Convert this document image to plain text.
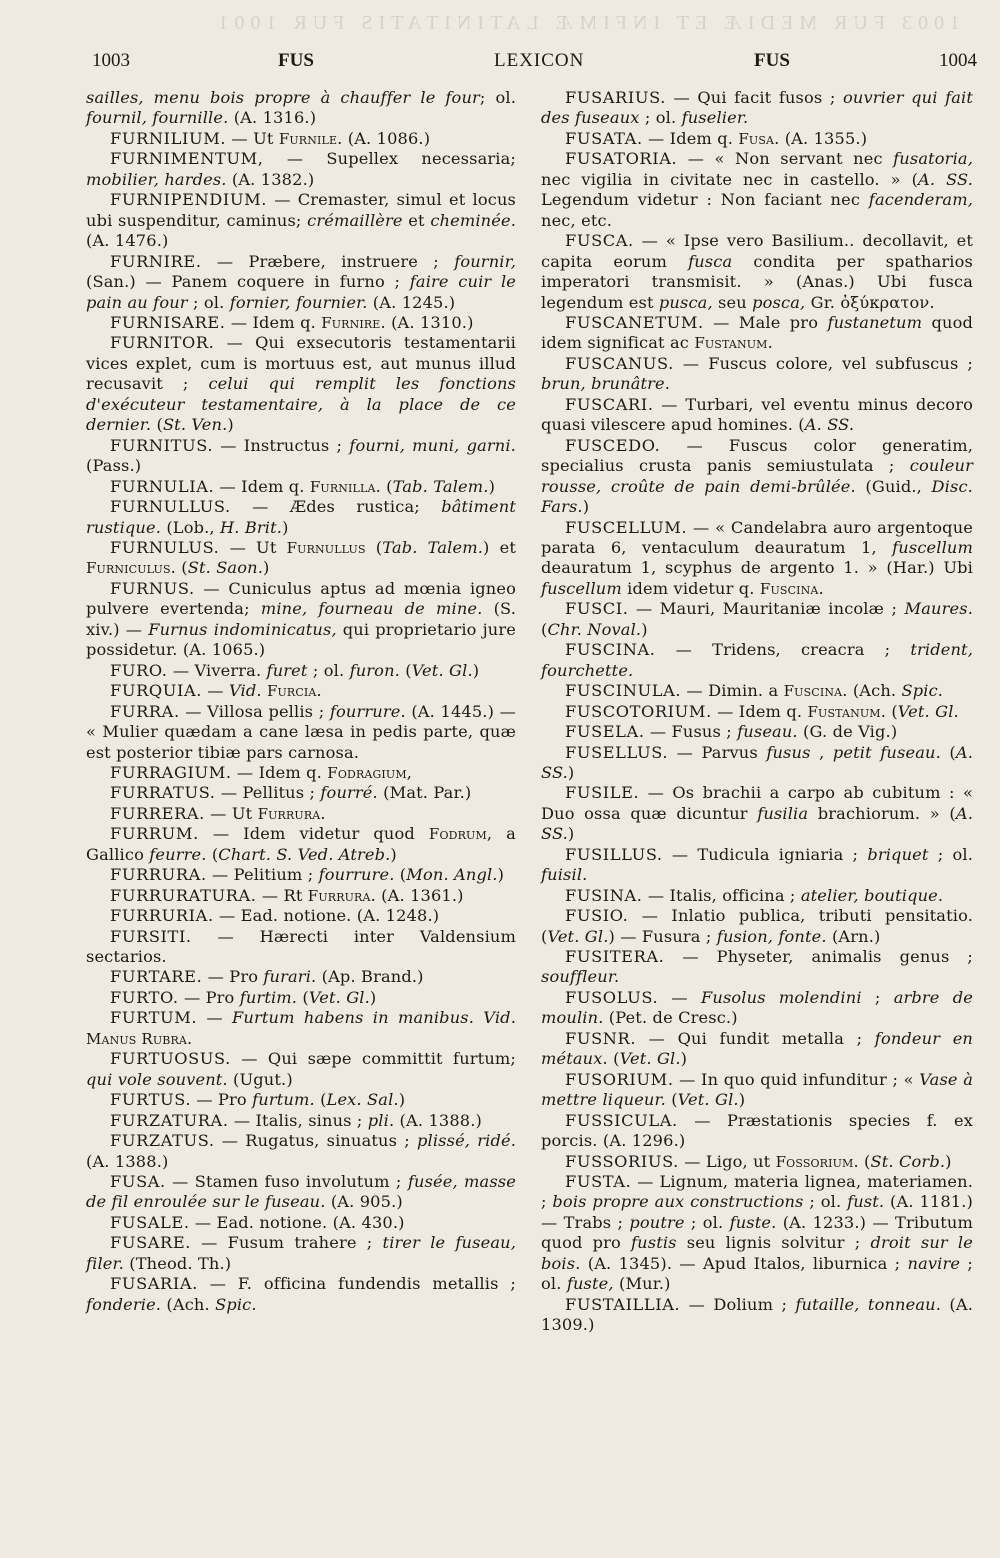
1003 FUR MEDIÆ ET INFIMÆ LATINITATIS FUR 1001
1003	FUS	LEXICON	FUS	1004

sailles, menu bois propre à chauffer le four; ol. fournil, fournille. (A. 1316.)

FURNILIUM. — Ut Furnile. (A. 1086.)

FURNIMENTUM, — Supellex necessaria; mobilier, hardes. (A. 1382.)

FURNIPENDIUM. — Cremaster, simul et locus ubi suspenditur, caminus; crémaillère et cheminée. (A. 1476.)

FURNIRE. — Præbere, instruere ; fournir, (San.) — Panem coquere in furno ; faire cuir le pain au four ; ol. fornier, fournier. (A. 1245.)

FURNISARE. — Idem q. Furnire. (A. 1310.)

FURNITOR. — Qui exsecutoris testamentarii vices explet, cum is mortuus est, aut munus illud recusavit ; celui qui remplit les fonctions d'exécuteur testamentaire, à la place de ce dernier. (St. Ven.)

FURNITUS. — Instructus ; fourni, muni, garni. (Pass.)

FURNULIA. — Idem q. Furnilla. (Tab. Talem.)

FURNULLUS. — Ædes rustica; bâtiment rustique. (Lob., H. Brit.)

FURNULUS. — Ut Furnullus (Tab. Talem.) et Furniculus. (St. Saon.)

FURNUS. — Cuniculus aptus ad mœnia igneo pulvere evertenda; mine, fourneau de mine. (S. xiv.) — Furnus indominicatus, qui proprietario jure possidetur. (A. 1065.)

FURO. — Viverra. furet ; ol. furon. (Vet. Gl.)

FURQUIA. — Vid. Furcia.

FURRA. — Villosa pellis ; fourrure. (A. 1445.) — « Mulier quædam a cane læsa in pedis parte, quæ est posterior tibiæ pars carnosa.

FURRAGIUM. — Idem q. Fodragium,

FURRATUS. — Pellitus ; fourré. (Mat. Par.)

FURRERA. — Ut Furrura.

FURRUM. — Idem videtur quod Fodrum, a Gallico feurre. (Chart. S. Ved. Atreb.)

FURRURA. — Pelitium ; fourrure. (Mon. Angl.)

FURRURATURA. — Rt Furrura. (A. 1361.)

FURRURIA. — Ead. notione. (A. 1248.)

FURSITI. — Hærecti inter Valdensium sectarios.

FURTARE. — Pro furari. (Ap. Brand.)

FURTO. — Pro furtim. (Vet. Gl.)

FURTUM. — Furtum habens in manibus. Vid. Manus Rubra.

FURTUOSUS. — Qui sæpe committit furtum; qui vole souvent. (Ugut.)

FURTUS. — Pro furtum. (Lex. Sal.)

FURZATURA. — Italis, sinus ; pli. (A. 1388.)

FURZATUS. — Rugatus, sinuatus ; plissé, ridé. (A. 1388.)

FUSA. — Stamen fuso involutum ; fusée, masse de fil enroulée sur le fuseau. (A. 905.)

FUSALE. — Ead. notione. (A. 430.)

FUSARE. — Fusum trahere ; tirer le fuseau, filer. (Theod. Th.)

FUSARIA. — F. officina fundendis metallis ; fonderie. (Ach. Spic.

FUSARIUS. — Qui facit fusos ; ouvrier qui fait des fuseaux ; ol. fuselier.

FUSATA. — Idem q. Fusa. (A. 1355.)

FUSATORIA. — « Non servant nec fusatoria, nec vigilia in civitate nec in castello. » (A. SS. Legendum videtur : Non faciant nec facenderam, nec, etc.

FUSCA. — « Ipse vero Basilium.. decollavit, et capita eorum fusca condita per spatharios imperatori transmisit. » (Anas.) Ubi fusca legendum est pusca, seu posca, Gr. ὀξύκρατον.

FUSCANETUM. — Male pro fustanetum quod idem significat ac Fustanum.

FUSCANUS. — Fuscus colore, vel subfuscus ; brun, brunâtre.

FUSCARI. — Turbari, vel eventu minus decoro quasi vilescere apud homines. (A. SS.

FUSCEDO. — Fuscus color generatim, specialius crusta panis semiustulata ; couleur rousse, croûte de pain demi-brûlée. (Guid., Disc. Fars.)

FUSCELLUM. — « Candelabra auro argentoque parata 6, ventaculum deauratum 1, fuscellum deauratum 1, scyphus de argento 1. » (Har.) Ubi fuscellum idem videtur q. Fuscina.

FUSCI. — Mauri, Mauritaniæ incolæ ; Maures. (Chr. Noval.)

FUSCINA. — Tridens, creacra ; trident, fourchette.

FUSCINULA. — Dimin. a Fuscina. (Ach. Spic.

FUSCOTORIUM. — Idem q. Fustanum. (Vet. Gl.

FUSELA. — Fusus ; fuseau. (G. de Vig.)

FUSELLUS. — Parvus fusus , petit fuseau. (A. SS.)

FUSILE. — Os brachii a carpo ab cubitum : « Duo ossa quæ dicuntur fusilia brachiorum. » (A. SS.)

FUSILLUS. — Tudicula igniaria ; briquet ; ol. fuisil.

FUSINA. — Italis, officina ; atelier, boutique.

FUSIO. — Inlatio publica, tributi pensitatio. (Vet. Gl.) — Fusura ; fusion, fonte. (Arn.)

FUSITERA. — Physeter, animalis genus ; souffleur.

FUSOLUS. — Fusolus molendini ; arbre de moulin. (Pet. de Cresc.)

FUSNR. — Qui fundit metalla ; fondeur en métaux. (Vet. Gl.)

FUSORIUM. — In quo quid infunditur ; « Vase à mettre liqueur. (Vet. Gl.)

FUSSICULA. — Præstationis species f. ex porcis. (A. 1296.)

FUSSORIUS. — Ligo, ut Fossorium. (St. Corb.)

FUSTA. — Lignum, materia lignea, materiamen. ; bois propre aux constructions ; ol. fust. (A. 1181.) — Trabs ; poutre ; ol. fuste. (A. 1233.) — Tributum quod pro fustis seu lignis solvitur ; droit sur le bois. (A. 1345). — Apud Italos, liburnica ; navire ; ol. fuste, (Mur.)

FUSTAILLIA. — Dolium ; futaille, tonneau. (A. 1309.)
